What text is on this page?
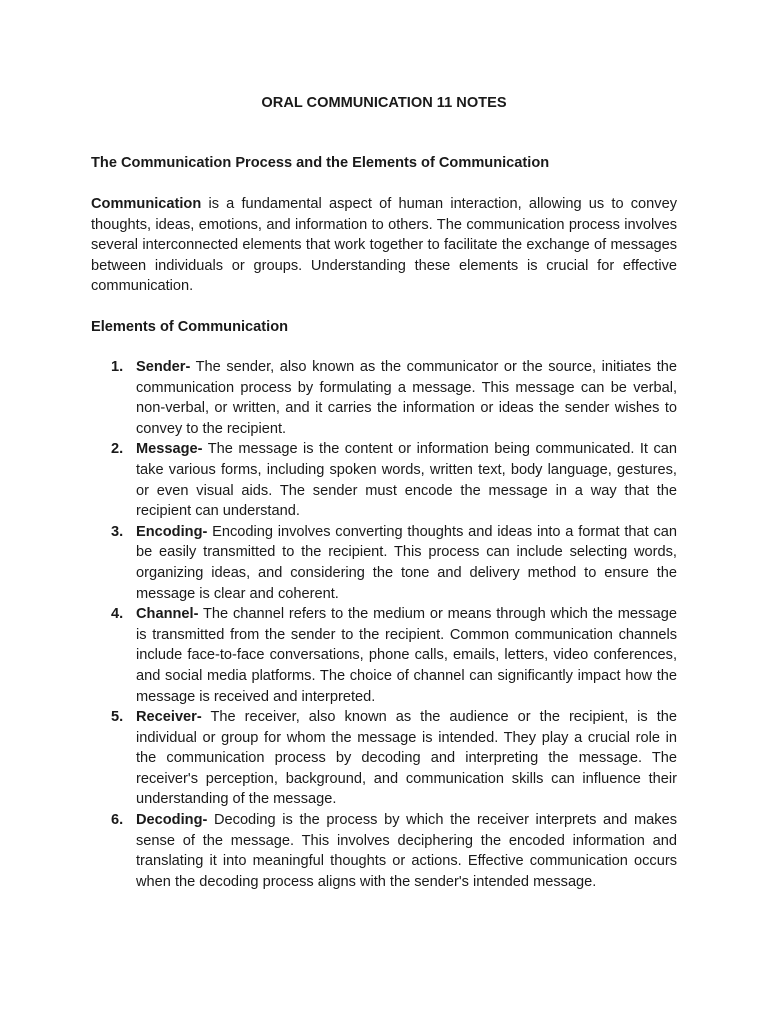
ORAL COMMUNICATION 11 NOTES
The Communication Process and the Elements of Communication

Communication is a fundamental aspect of human interaction, allowing us to convey thoughts, ideas, emotions, and information to others. The communication process involves several interconnected elements that work together to facilitate the exchange of messages between individuals or groups. Understanding these elements is crucial for effective communication.

Elements of Communication
1. Sender- The sender, also known as the communicator or the source, initiates the communication process by formulating a message. This message can be verbal, non-verbal, or written, and it carries the information or ideas the sender wishes to convey to the recipient.
2. Message- The message is the content or information being communicated. It can take various forms, including spoken words, written text, body language, gestures, or even visual aids. The sender must encode the message in a way that the recipient can understand.
3. Encoding- Encoding involves converting thoughts and ideas into a format that can be easily transmitted to the recipient. This process can include selecting words, organizing ideas, and considering the tone and delivery method to ensure the message is clear and coherent.
4. Channel- The channel refers to the medium or means through which the message is transmitted from the sender to the recipient. Common communication channels include face-to-face conversations, phone calls, emails, letters, video conferences, and social media platforms. The choice of channel can significantly impact how the message is received and interpreted.
5. Receiver- The receiver, also known as the audience or the recipient, is the individual or group for whom the message is intended. They play a crucial role in the communication process by decoding and interpreting the message. The receiver's perception, background, and communication skills can influence their understanding of the message.
6. Decoding- Decoding is the process by which the receiver interprets and makes sense of the message. This involves deciphering the encoded information and translating it into meaningful thoughts or actions. Effective communication occurs when the decoding process aligns with the sender's intended message.
